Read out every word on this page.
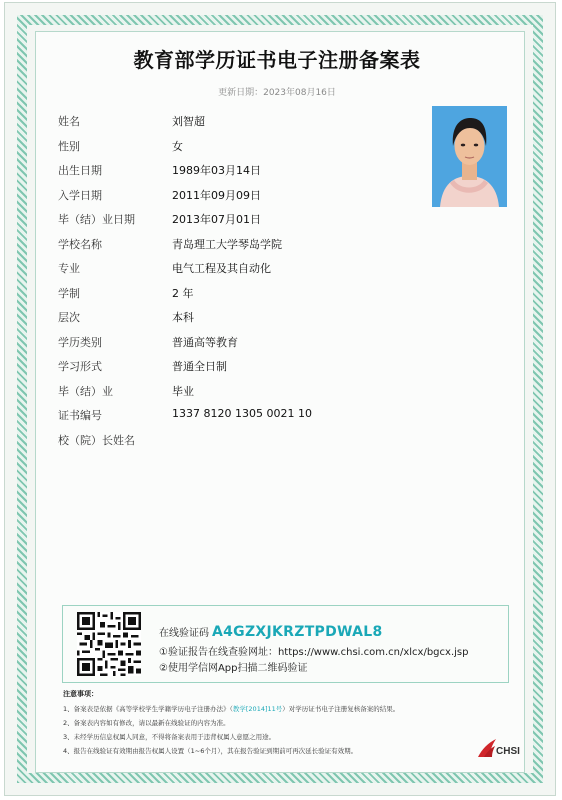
教育部学历证书电子注册备案表
更新日期：2023年08月16日
姓名	刘智超
性别	女
出生日期	1989年03月14日
入学日期	2011年09月09日
毕（结）业日期	2013年07月01日
学校名称	青岛理工大学琴岛学院
专业	电气工程及其自动化
学制	2 年
层次	本科
学历类别	普通高等教育
学习形式	普通全日制
毕（结）业	毕业
证书编号	1337 8120 1305 0021 10
校（院）长姓名
在线验证码 A4GZXJKRZTPDWAL8
①验证报告在线查验网址：https://www.chsi.com.cn/xlcx/bgcx.jsp
②使用学信网App扫描二维码验证
注意事项：
1、备案表是依据《高等学校学生学籍学历电子注册办法》（教学[2014]11号）对学历证书电子注册复核备案的结果。
2、备案表内容如有修改，请以最新在线验证的内容为准。
3、未经学历信息权属人同意，不得将备案表用于违背权属人意愿之用途。
4、报告在线验证有效期由报告权属人设置（1~6个月），其在报告验证到期前可再次延长验证有效期。	CHSI
